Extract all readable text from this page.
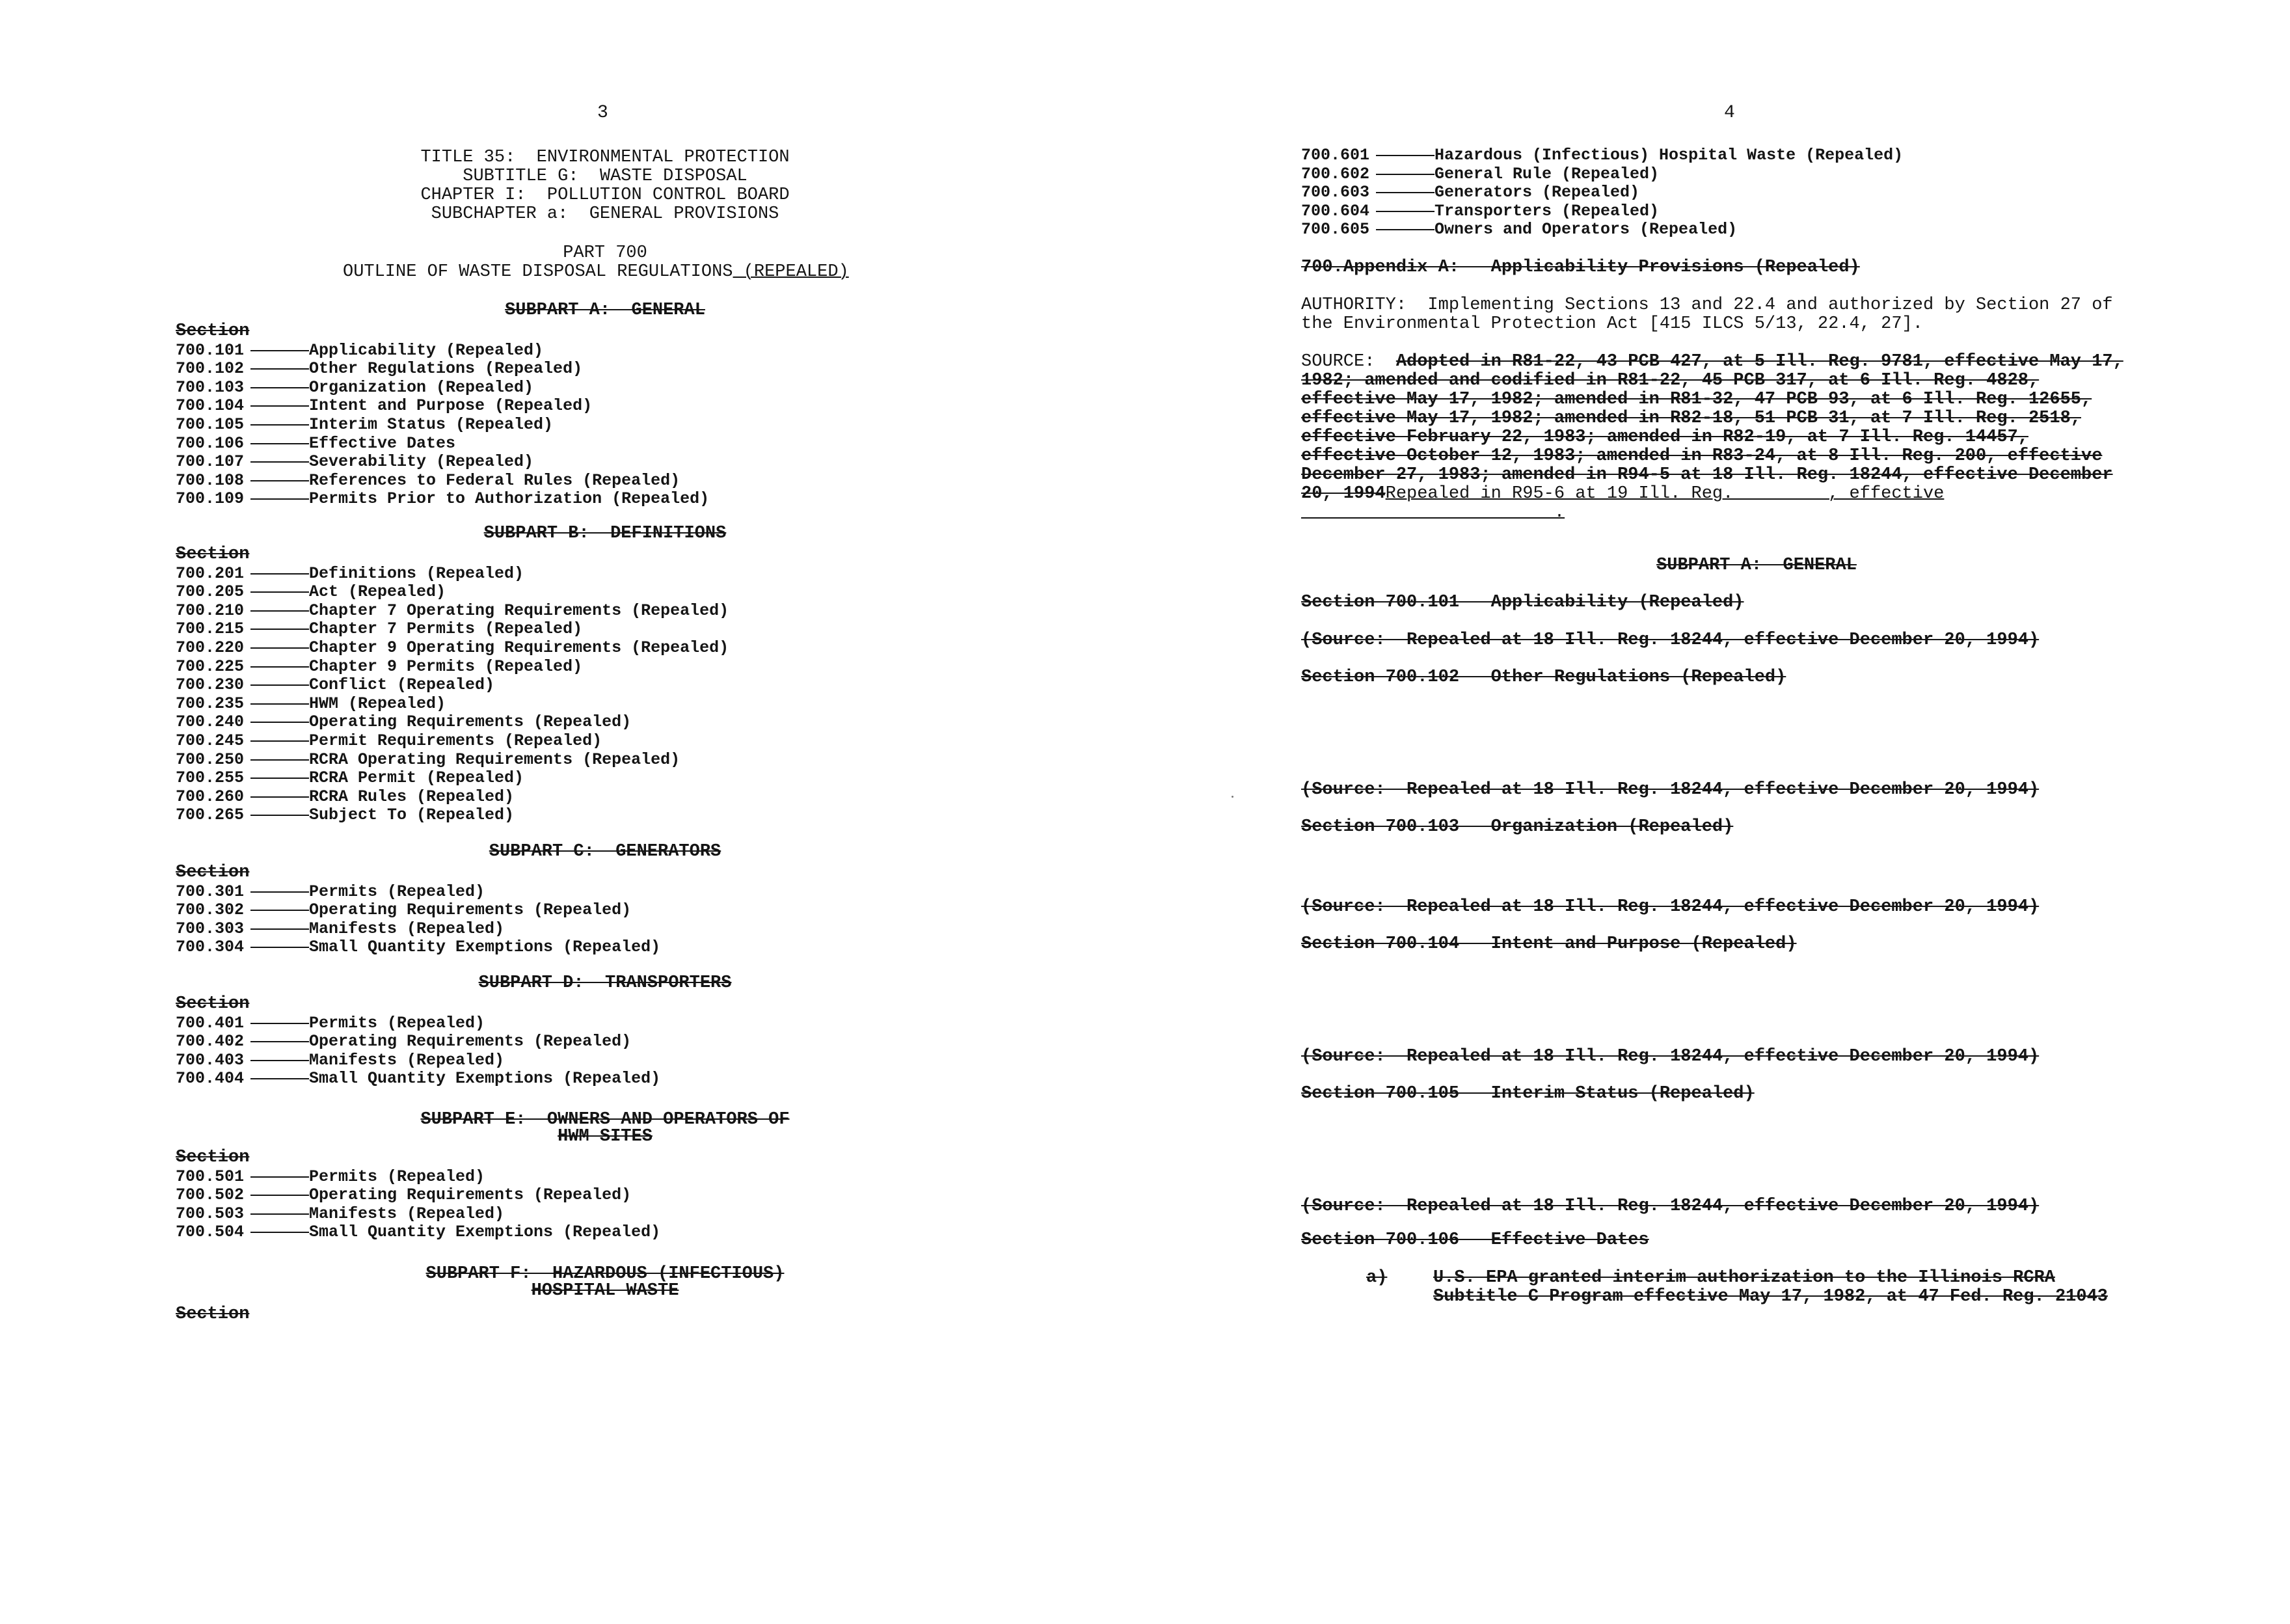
3
TITLE 35:  ENVIRONMENTAL PROTECTION
SUBTITLE G:  WASTE DISPOSAL
CHAPTER I:  POLLUTION CONTROL BOARD
SUBCHAPTER a:  GENERAL PROVISIONS
PART 700
OUTLINE OF WASTE DISPOSAL REGULATIONS (REPEALED)
SUBPART A:  GENERAL
Section
700.101	Applicability (Repealed)
700.102	Other Regulations (Repealed)
700.103	Organization (Repealed)
700.104	Intent and Purpose (Repealed)
700.105	Interim Status (Repealed)
700.106	Effective Dates
700.107	Severability (Repealed)
700.108	References to Federal Rules (Repealed)
700.109	Permits Prior to Authorization (Repealed)
SUBPART B:  DEFINITIONS
Section
700.201	Definitions (Repealed)
700.205	Act (Repealed)
700.210	Chapter 7 Operating Requirements (Repealed)
700.215	Chapter 7 Permits (Repealed)
700.220	Chapter 9 Operating Requirements (Repealed)
700.225	Chapter 9 Permits (Repealed)
700.230	Conflict (Repealed)
700.235	HWM (Repealed)
700.240	Operating Requirements (Repealed)
700.245	Permit Requirements (Repealed)
700.250	RCRA Operating Requirements (Repealed)
700.255	RCRA Permit (Repealed)
700.260	RCRA Rules (Repealed)
700.265	Subject To (Repealed)
SUBPART C:  GENERATORS
Section
700.301	Permits (Repealed)
700.302	Operating Requirements (Repealed)
700.303	Manifests (Repealed)
700.304	Small Quantity Exemptions (Repealed)
SUBPART D:  TRANSPORTERS
Section
700.401	Permits (Repealed)
700.402	Operating Requirements (Repealed)
700.403	Manifests (Repealed)
700.404	Small Quantity Exemptions (Repealed)
SUBPART E:  OWNERS AND OPERATORS OF
HWM SITES
Section
700.501	Permits (Repealed)
700.502	Operating Requirements (Repealed)
700.503	Manifests (Repealed)
700.504	Small Quantity Exemptions (Repealed)
SUBPART F:  HAZARDOUS (INFECTIOUS)
HOSPITAL WASTE
Section
4
700.601	Hazardous (Infectious) Hospital Waste (Repealed)
700.602	General Rule (Repealed)
700.603	Generators (Repealed)
700.604	Transporters (Repealed)
700.605	Owners and Operators (Repealed)
700.Appendix A: Applicability Provisions (Repealed)
AUTHORITY:  Implementing Sections 13 and 22.4 and authorized by Section 27 of
the Environmental Protection Act [415 ILCS 5/13, 22.4, 27].
SOURCE:  Adopted in R81-22, 43 PCB 427, at 5 Ill. Reg. 9781, effective May 17,
1982; amended and codified in R81-22, 45 PCB 317, at 6 Ill. Reg. 4828,
effective May 17, 1982; amended in R81-32, 47 PCB 93, at 6 Ill. Reg. 12655,
effective May 17, 1982; amended in R82-18, 51 PCB 31, at 7 Ill. Reg. 2518,
effective February 22, 1983; amended in R82-19, at 7 Ill. Reg. 14457,
effective October 12, 1983; amended in R83-24, at 8 Ill. Reg. 200, effective
December 27, 1983; amended in R94-5 at 18 Ill. Reg. 18244, effective December
20, 1994Repealed in R95-6 at 19 Ill. Reg. ________, effective
________________________.
SUBPART A:  GENERAL
Section 700.101   Applicability (Repealed)
(Source:  Repealed at 18 Ill. Reg. 18244, effective December 20, 1994)
Section 700.102   Other Regulations (Repealed)
(Source:  Repealed at 18 Ill. Reg. 18244, effective December 20, 1994)
Section 700.103   Organization (Repealed)
(Source:  Repealed at 18 Ill. Reg. 18244, effective December 20, 1994)
Section 700.104   Intent and Purpose (Repealed)
(Source:  Repealed at 18 Ill. Reg. 18244, effective December 20, 1994)
Section 700.105   Interim Status (Repealed)
(Source:  Repealed at 18 Ill. Reg. 18244, effective December 20, 1994)
Section 700.106   Effective Dates
a)	U.S. EPA granted interim authorization to the Illinois RCRA
Subtitle C Program effective May 17, 1982, at 47 Fed. Reg. 21043
